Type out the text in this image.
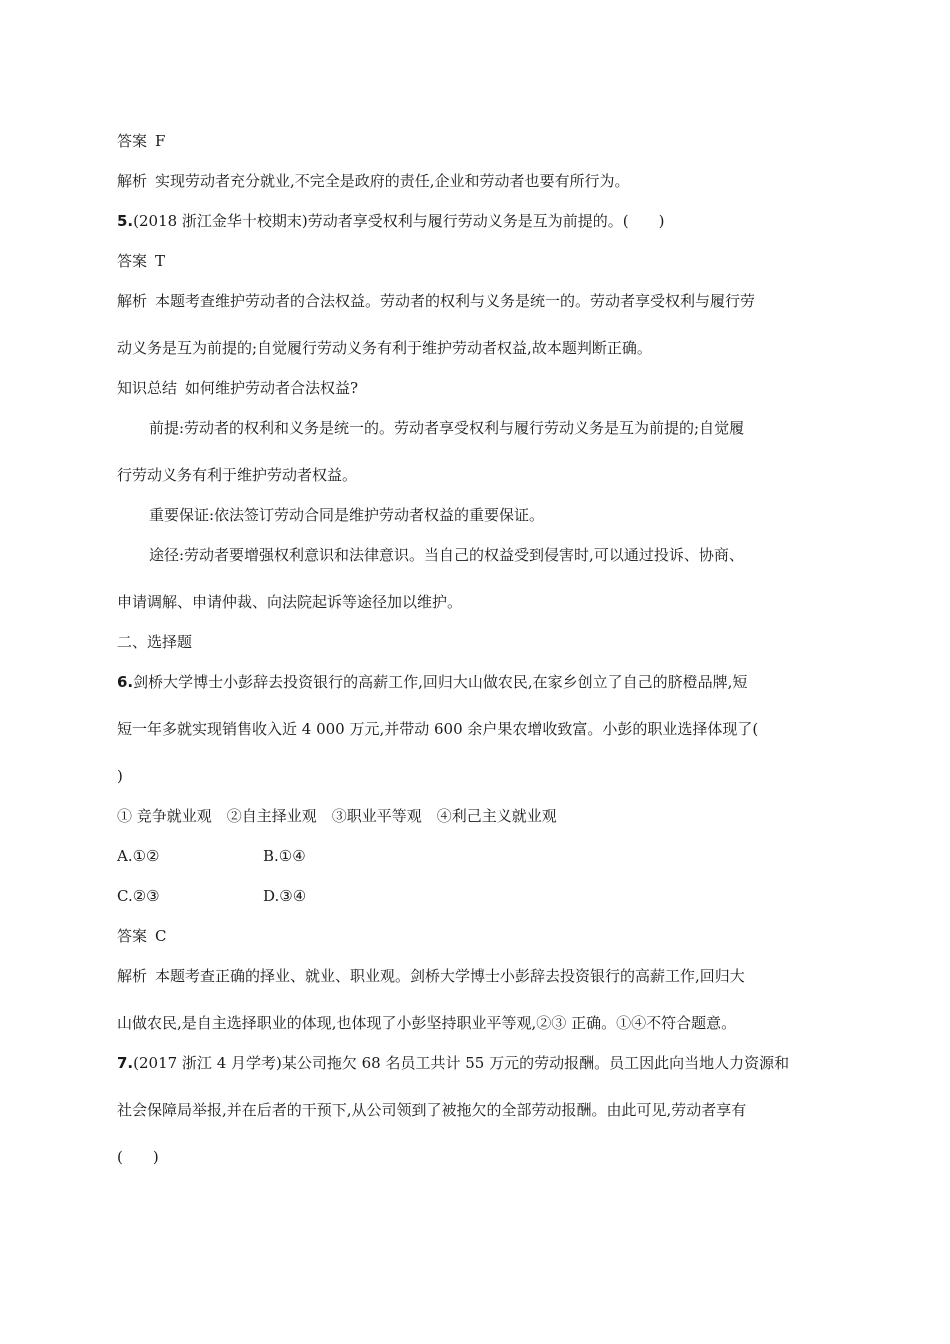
答案 F
解析 实现劳动者充分就业,不完全是政府的责任,企业和劳动者也要有所行为。
5.(2018 浙江金华十校期末)劳动者享受权利与履行劳动义务是互为前提的。(　　)
答案 T
解析 本题考查维护劳动者的合法权益。劳动者的权利与义务是统一的。劳动者享受权利与履行劳
动义务是互为前提的;自觉履行劳动义务有利于维护劳动者权益,故本题判断正确。
知识总结 如何维护劳动者合法权益?
前提:劳动者的权利和义务是统一的。劳动者享受权利与履行劳动义务是互为前提的;自觉履
行劳动义务有利于维护劳动者权益。
重要保证:依法签订劳动合同是维护劳动者权益的重要保证。
途径:劳动者要增强权利意识和法律意识。当自己的权益受到侵害时,可以通过投诉、协商、
申请调解、申请仲裁、向法院起诉等途径加以维护。
二、选择题
6.剑桥大学博士小彭辞去投资银行的高薪工作,回归大山做农民,在家乡创立了自己的脐橙品牌,短
短一年多就实现销售收入近 4 000 万元,并带动 600 余户果农增收致富。小彭的职业选择体现了(
)
① 竞争就业观　②自主择业观　③职业平等观　④利己主义就业观
A.①②	B.①④
C.②③	D.③④
答案 C
解析 本题考查正确的择业、就业、职业观。剑桥大学博士小彭辞去投资银行的高薪工作,回归大
山做农民,是自主选择职业的体现,也体现了小彭坚持职业平等观,②③ 正确。①④不符合题意。
7.(2017 浙江 4 月学考)某公司拖欠 68 名员工共计 55 万元的劳动报酬。员工因此向当地人力资源和
社会保障局举报,并在后者的干预下,从公司领到了被拖欠的全部劳动报酬。由此可见,劳动者享有
(　　)
